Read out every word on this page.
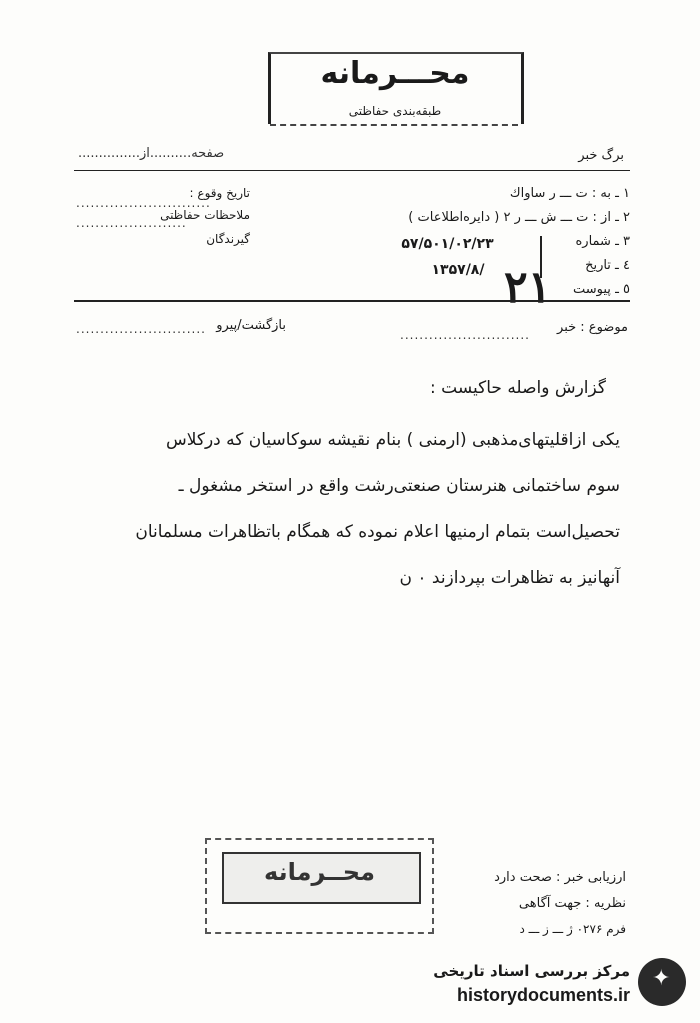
محـــرمانه
طبقه‌بندی حفاظتی
صفحه..........از...............	برگ خبر
تاریخ وقوع :
............................
ملاحظات حفاظتی
.......................
گیرندگان
۱ ـ به : ت ـــ ر ساواك
۲ ـ از : ت ـــ ش ـــ ر ۲ ( دایره‌اطلاعات )
۳ ـ شماره
٤ ـ تاریخ
٥ ـ پیوست
۵۷/۵۰۱/۰۲/۲۳
۱۳۵۷/۸/ ٢١
موضوع : خبر
...........................
بازگشت/پیرو
...........................
گزارش واصله حاکیست :
یکی ازاقلیتهای‌مذهبی (ارمنی ) بنام نقیشه سوکاسیان که درکلاس
سوم ساختمانی هنرستان صنعتی‌رشت واقع در استخر مشغول ـ
تحصیل‌است بتمام ارمنیها اعلام نموده که همگام باتظاهرات مسلمانان
آنهانیز به تظاهرات بپردازند ۰ ن
محــرمانه	ارزیابی خبر : صحت دارد
نظریه : جهت آگاهی
فرم ۰۲۷۶ ژ ـــ ز ـــ د
✦
مرکز بررسی اسناد تاریخی
historydocuments.ir
